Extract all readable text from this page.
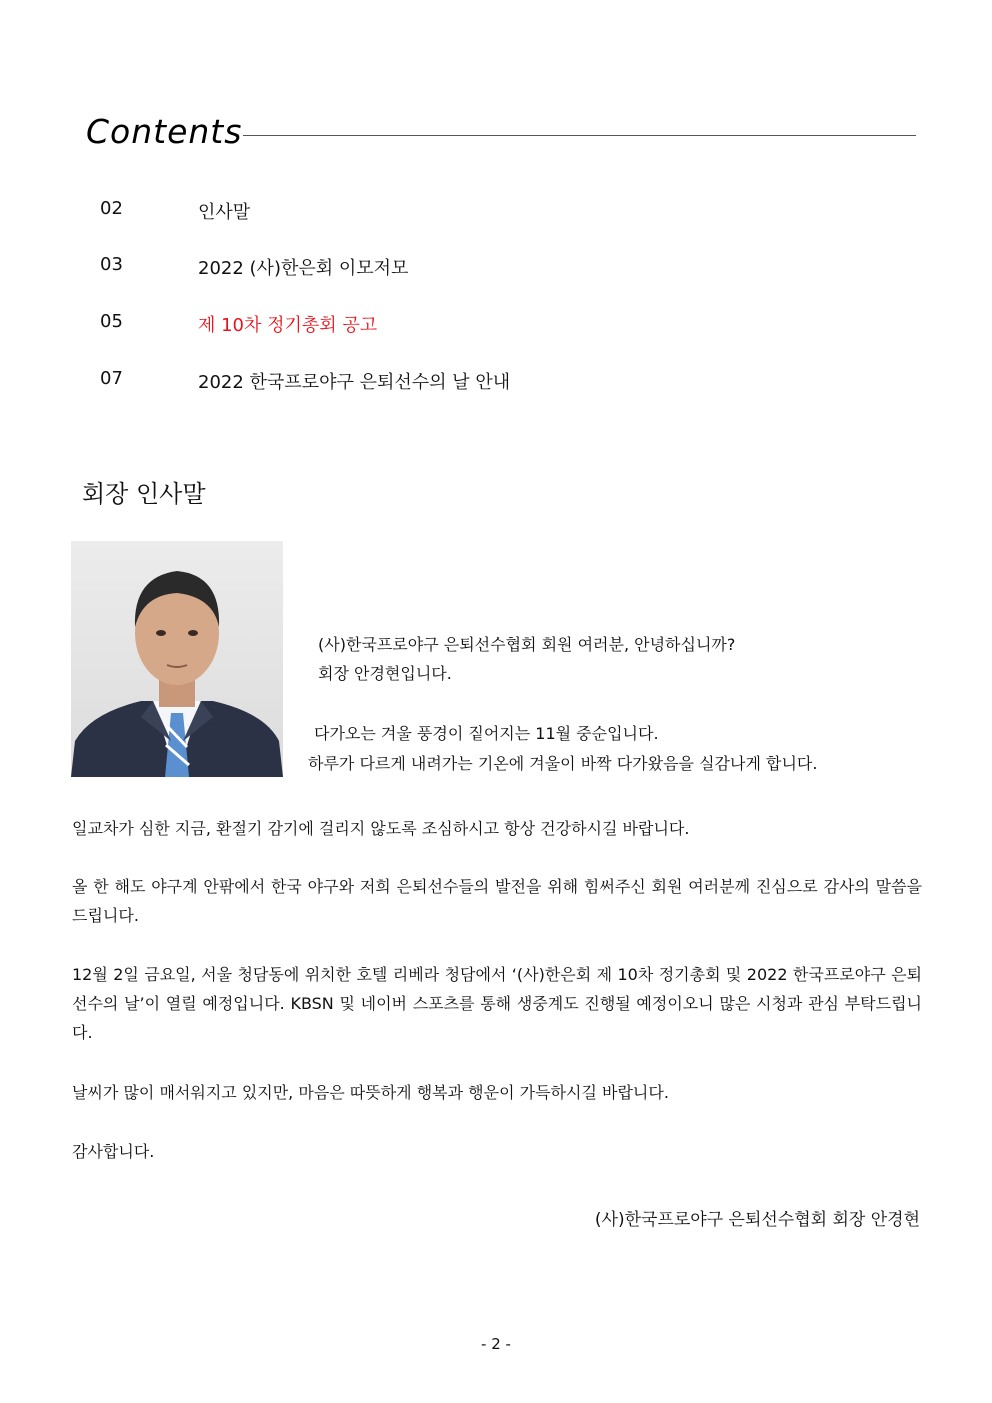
Contents
02	인사말
03	2022 (사)한은회 이모저모
05	제 10차 정기총회 공고
07	2022 한국프로야구 은퇴선수의 날 안내
회장 인사말
(사)한국프로야구 은퇴선수협회 회원 여러분, 안녕하십니까?
회장 안경현입니다.
다가오는 겨울 풍경이 짙어지는 11월 중순입니다.
하루가 다르게 내려가는 기온에 겨울이 바짝 다가왔음을 실감나게 합니다.

일교차가 심한 지금, 환절기 감기에 걸리지 않도록 조심하시고 항상 건강하시길 바랍니다.

올 한 해도 야구계 안팎에서 한국 야구와 저희 은퇴선수들의 발전을 위해 힘써주신 회원 여러분께 진심으로 감사의 말씀을 드립니다.

12월 2일 금요일, 서울 청담동에 위치한 호텔 리베라 청담에서 ‘(사)한은회 제 10차 정기총회 및 2022 한국프로야구 은퇴선수의 날’이 열릴 예정입니다. KBSN 및 네이버 스포츠를 통해 생중계도 진행될 예정이오니 많은 시청과 관심 부탁드립니다.

날씨가 많이 매서워지고 있지만, 마음은 따뜻하게 행복과 행운이 가득하시길 바랍니다.

감사합니다.

(사)한국프로야구 은퇴선수협회 회장 안경현
- 2 -
